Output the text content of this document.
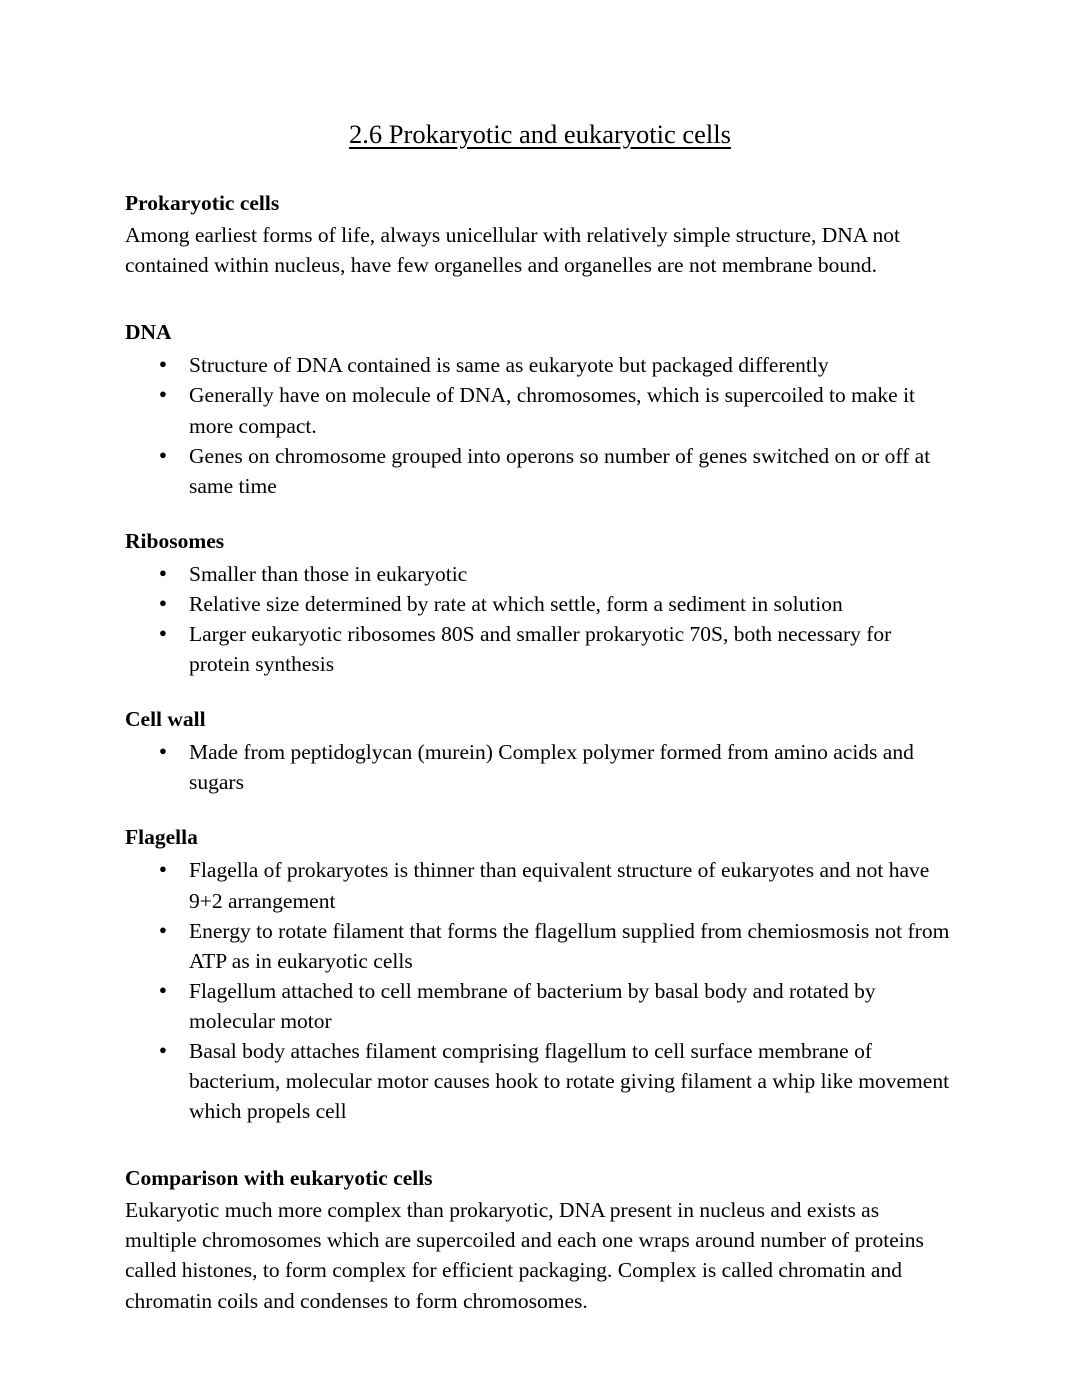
2.6 Prokaryotic and eukaryotic cells
Prokaryotic cells

Among earliest forms of life, always unicellular with relatively simple structure, DNA not contained within nucleus, have few organelles and organelles are not membrane bound.

DNA
● Structure of DNA contained is same as eukaryote but packaged differently
● Generally have on molecule of DNA, chromosomes, which is supercoiled to make it more compact.
● Genes on chromosome grouped into operons so number of genes switched on or off at same time
Ribosomes
● Smaller than those in eukaryotic
● Relative size determined by rate at which settle, form a sediment in solution
● Larger eukaryotic ribosomes 80S and smaller prokaryotic 70S, both necessary for protein synthesis
Cell wall
● Made from peptidoglycan (murein) Complex polymer formed from amino acids and sugars
Flagella
● Flagella of prokaryotes is thinner than equivalent structure of eukaryotes and not have 9+2 arrangement
● Energy to rotate filament that forms the flagellum supplied from chemiosmosis not from ATP as in eukaryotic cells
● Flagellum attached to cell membrane of bacterium by basal body and rotated by molecular motor
● Basal body attaches filament comprising flagellum to cell surface membrane of bacterium, molecular motor causes hook to rotate giving filament a whip like movement which propels cell
Comparison with eukaryotic cells

Eukaryotic much more complex than prokaryotic, DNA present in nucleus and exists as multiple chromosomes which are supercoiled and each one wraps around number of proteins called histones, to form complex for efficient packaging. Complex is called chromatin and chromatin coils and condenses to form chromosomes.
